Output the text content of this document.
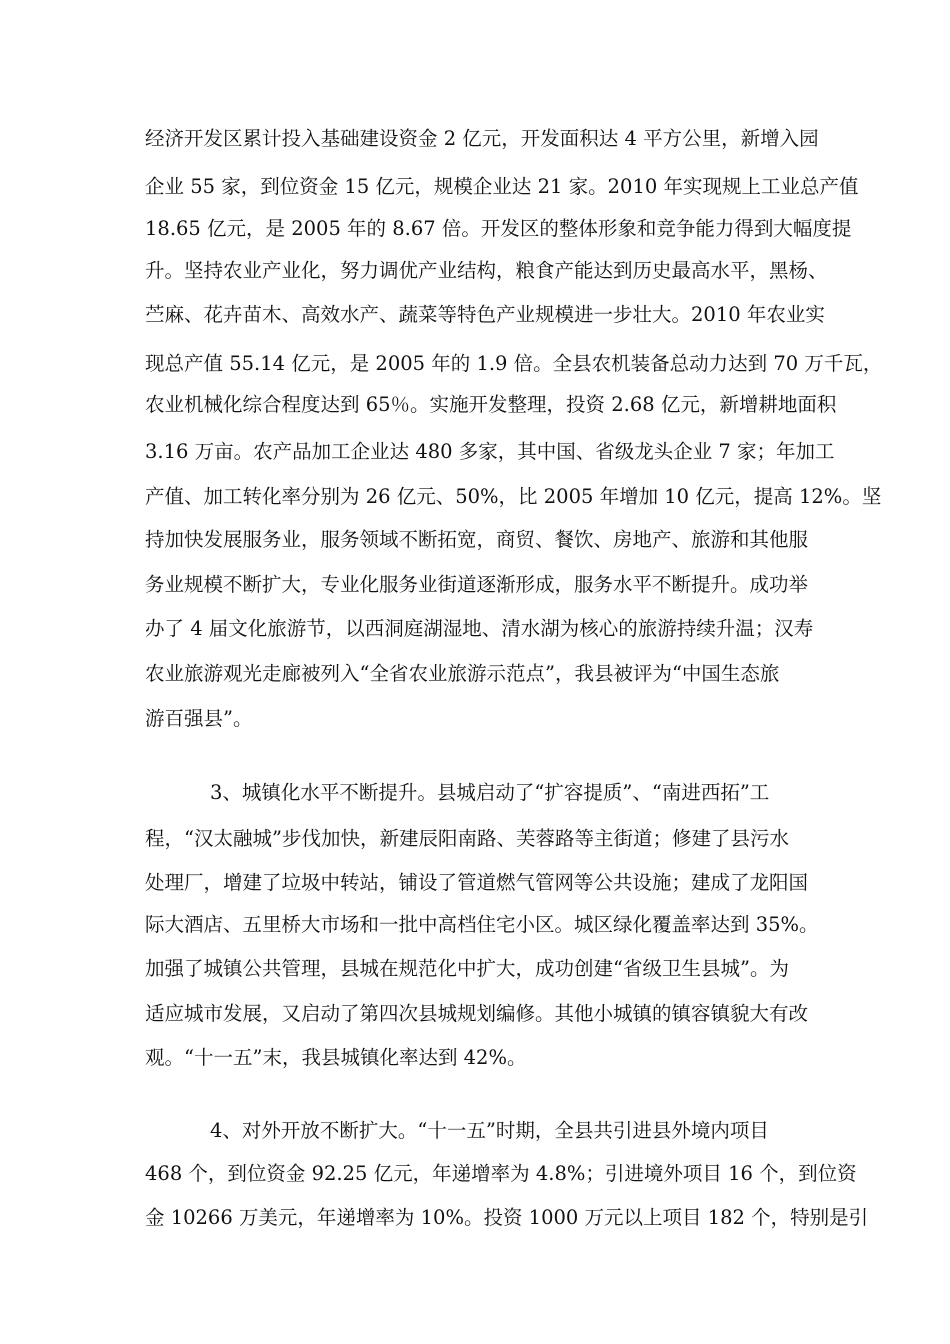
经济开发区累计投入基础建设资金 2 亿元，开发面积达 4 平方公里，新增入园
企业 55 家，到位资金 15 亿元，规模企业达 21 家。2010 年实现规上工业总产值
18.65 亿元，是 2005 年的 8.67 倍。开发区的整体形象和竞争能力得到大幅度提
升。坚持农业产业化，努力调优产业结构，粮食产能达到历史最高水平，黑杨、
苎麻、花卉苗木、高效水产、蔬菜等特色产业规模进一步壮大。2010 年农业实
现总产值 55.14 亿元，是 2005 年的 1.9 倍。全县农机装备总动力达到 70 万千瓦，
农业机械化综合程度达到 65％。实施开发整理，投资 2.68 亿元，新增耕地面积
3.16 万亩。农产品加工企业达 480 多家，其中国、省级龙头企业 7 家；年加工
产值、加工转化率分别为 26 亿元、50%，比 2005 年增加 10 亿元，提高 12%。坚
持加快发展服务业，服务领域不断拓宽，商贸、餐饮、房地产、旅游和其他服
务业规模不断扩大，专业化服务业街道逐渐形成，服务水平不断提升。成功举
办了 4 届文化旅游节，以西洞庭湖湿地、清水湖为核心的旅游持续升温；汉寿
农业旅游观光走廊被列入“全省农业旅游示范点”，我县被评为“中国生态旅
游百强县”。
3、城镇化水平不断提升。县城启动了“扩容提质”、“南进西拓”工
程，“汉太融城”步伐加快，新建辰阳南路、芙蓉路等主街道；修建了县污水
处理厂，增建了垃圾中转站，铺设了管道燃气管网等公共设施；建成了龙阳国
际大酒店、五里桥大市场和一批中高档住宅小区。城区绿化覆盖率达到 35%。
加强了城镇公共管理，县城在规范化中扩大，成功创建“省级卫生县城”。为
适应城市发展，又启动了第四次县城规划编修。其他小城镇的镇容镇貌大有改
观。“十一五”末，我县城镇化率达到 42%。
4、对外开放不断扩大。“十一五”时期，全县共引进县外境内项目
468 个，到位资金 92.25 亿元，年递增率为 4.8%；引进境外项目 16 个，到位资
金 10266 万美元，年递增率为 10%。投资 1000 万元以上项目 182 个，特别是引
